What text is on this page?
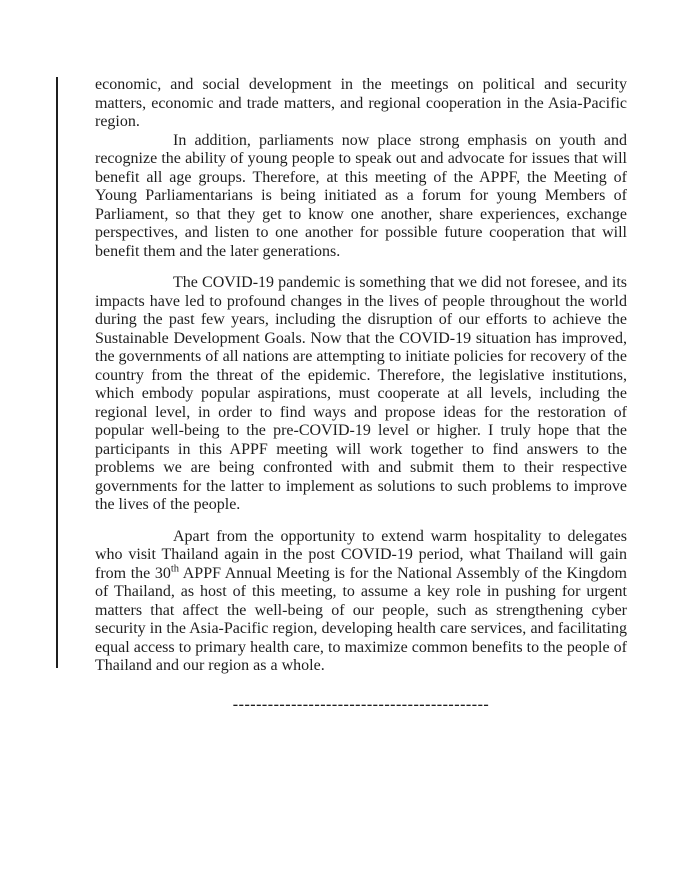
economic, and social development in the meetings on political and security matters, economic and trade matters, and regional cooperation in the Asia-Pacific region.

In addition, parliaments now place strong emphasis on youth and recognize the ability of young people to speak out and advocate for issues that will benefit all age groups. Therefore, at this meeting of the APPF, the Meeting of Young Parliamentarians is being initiated as a forum for young Members of Parliament, so that they get to know one another, share experiences, exchange perspectives, and listen to one another for possible future cooperation that will benefit them and the later generations.

The COVID-19 pandemic is something that we did not foresee, and its impacts have led to profound changes in the lives of people throughout the world during the past few years, including the disruption of our efforts to achieve the Sustainable Development Goals. Now that the COVID-19 situation has improved, the governments of all nations are attempting to initiate policies for recovery of the country from the threat of the epidemic. Therefore, the legislative institutions, which embody popular aspirations, must cooperate at all levels, including the regional level, in order to find ways and propose ideas for the restoration of popular well-being to the pre-COVID-19 level or higher. I truly hope that the participants in this APPF meeting will work together to find answers to the problems we are being confronted with and submit them to their respective governments for the latter to implement as solutions to such problems to improve the lives of the people.

Apart from the opportunity to extend warm hospitality to delegates who visit Thailand again in the post COVID-19 period, what Thailand will gain from the 30th APPF Annual Meeting is for the National Assembly of the Kingdom of Thailand, as host of this meeting, to assume a key role in pushing for urgent matters that affect the well-being of our people, such as strengthening cyber security in the Asia-Pacific region, developing health care services, and facilitating equal access to primary health care, to maximize common benefits to the people of Thailand and our region as a whole.

--------------------------------------------
